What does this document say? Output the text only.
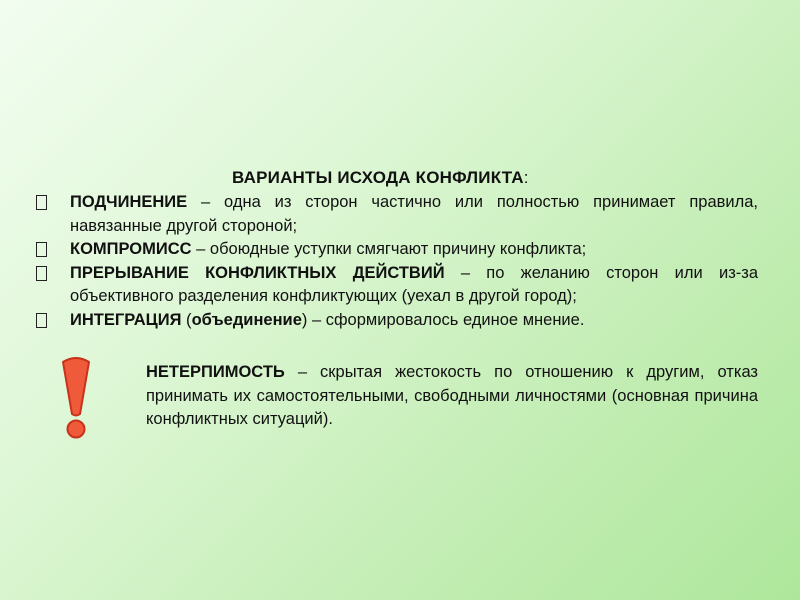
ВАРИАНТЫ ИСХОДА КОНФЛИКТА:
ПОДЧИНЕНИЕ – одна из сторон частично или полностью принимает правила, навязанные другой стороной;
КОМПРОМИСС – обоюдные уступки смягчают причину конфликта;
ПРЕРЫВАНИЕ КОНФЛИКТНЫХ ДЕЙСТВИЙ – по желанию сторон или из-за объективного разделения конфликтующих (уехал в другой город);
ИНТЕГРАЦИЯ (объединение) – сформировалось единое мнение.
НЕТЕРПИМОСТЬ – скрытая жестокость по отношению к другим, отказ принимать их самостоятельными, свободными личностями (основная причина конфликтных ситуаций).
